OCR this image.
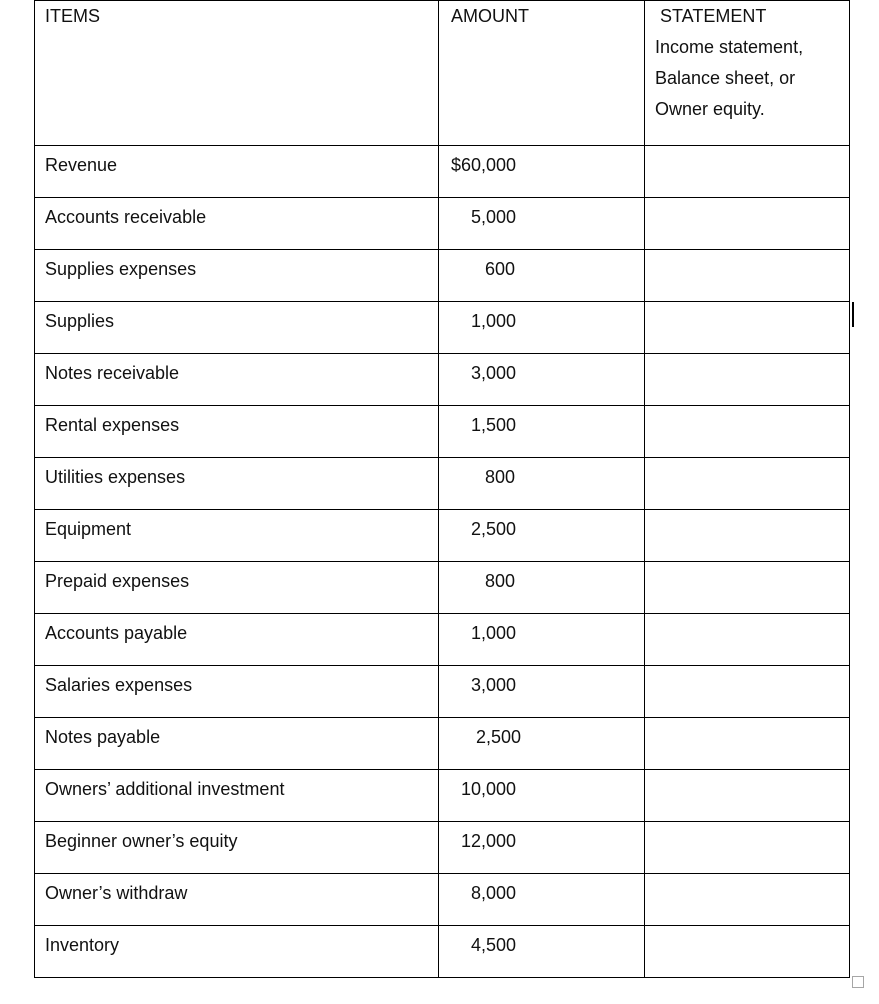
ITEMS	AMOUNT	STATEMENT
Income statement,
Balance sheet, or
Owner equity.

Revenue	$60,000	

Accounts receivable	5,000	

Supplies expenses	600	

Supplies	1,000	

Notes receivable	3,000	

Rental expenses	1,500	

Utilities expenses	800	

Equipment	2,500	

Prepaid expenses	800	

Accounts payable	1,000	

Salaries expenses	3,000	

Notes payable	2,500	

Owners’ additional investment	10,000	

Beginner owner’s equity	12,000	

Owner’s withdraw	8,000	

Inventory	4,500	
